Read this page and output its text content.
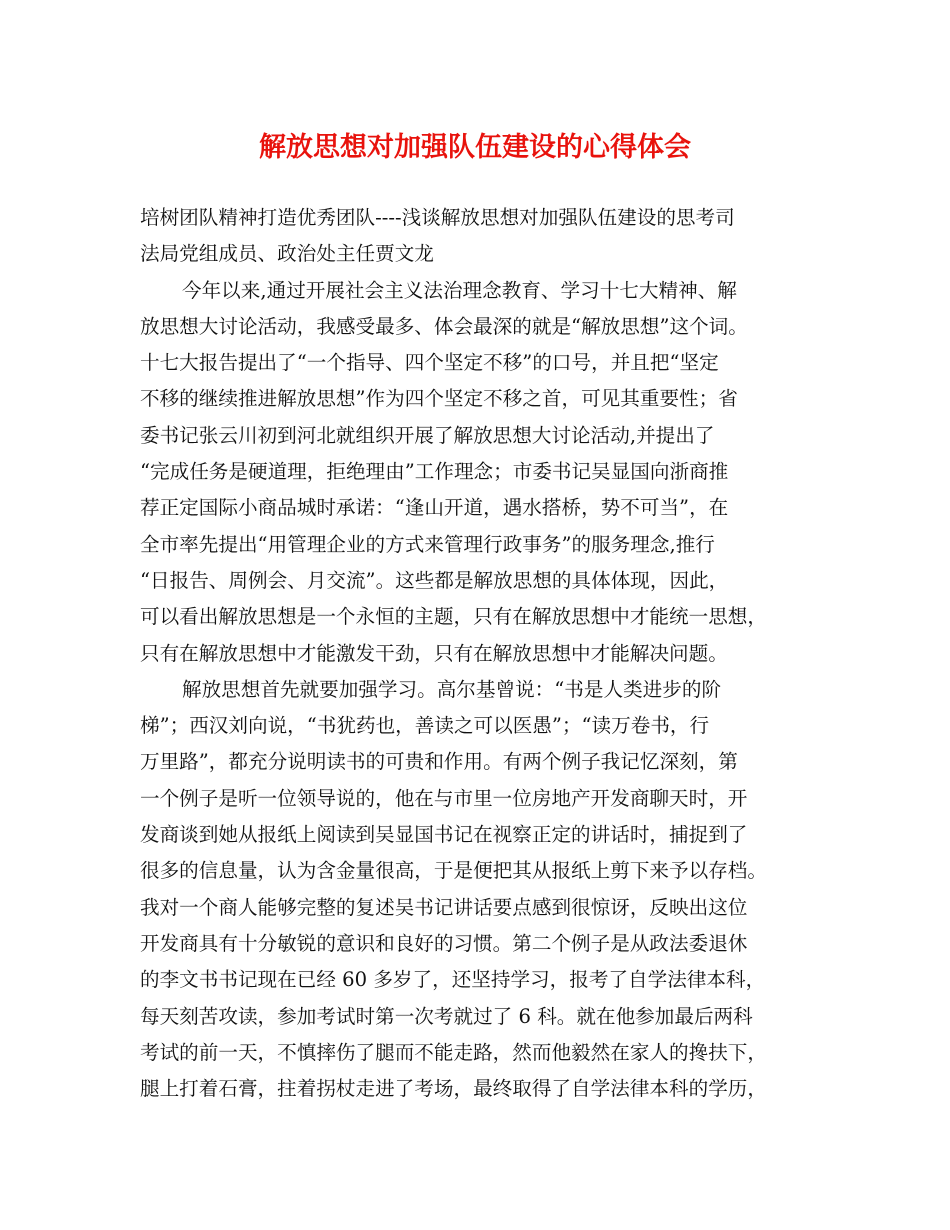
解放思想对加强队伍建设的心得体会
培树团队精神打造优秀团队----浅谈解放思想对加强队伍建设的思考司
法局党组成员、政治处主任贾文龙
今年以来,通过开展社会主义法治理念教育、学习十七大精神、解
放思想大讨论活动，我感受最多、体会最深的就是“解放思想”这个词。
十七大报告提出了“一个指导、四个坚定不移”的口号，并且把“坚定
不移的继续推进解放思想”作为四个坚定不移之首，可见其重要性；省
委书记张云川初到河北就组织开展了解放思想大讨论活动,并提出了
“完成任务是硬道理，拒绝理由”工作理念；市委书记吴显国向浙商推
荐正定国际小商品城时承诺：“逢山开道，遇水搭桥，势不可当”，在
全市率先提出“用管理企业的方式来管理行政事务”的服务理念,推行
“日报告、周例会、月交流”。这些都是解放思想的具体体现，因此，
可以看出解放思想是一个永恒的主题，只有在解放思想中才能统一思想，
只有在解放思想中才能激发干劲，只有在解放思想中才能解决问题。
解放思想首先就要加强学习。高尔基曾说：“书是人类进步的阶
梯”；西汉刘向说，“书犹药也，善读之可以医愚”；“读万卷书，行
万里路”，都充分说明读书的可贵和作用。有两个例子我记忆深刻，第
一个例子是听一位领导说的，他在与市里一位房地产开发商聊天时，开
发商谈到她从报纸上阅读到吴显国书记在视察正定的讲话时，捕捉到了
很多的信息量，认为含金量很高，于是便把其从报纸上剪下来予以存档。
我对一个商人能够完整的复述吴书记讲话要点感到很惊讶，反映出这位
开发商具有十分敏锐的意识和良好的习惯。第二个例子是从政法委退休
的李文书书记现在已经 60 多岁了，还坚持学习，报考了自学法律本科，
每天刻苦攻读，参加考试时第一次考就过了 6 科。就在他参加最后两科
考试的前一天，不慎摔伤了腿而不能走路，然而他毅然在家人的搀扶下，
腿上打着石膏，拄着拐杖走进了考场，最终取得了自学法律本科的学历，
